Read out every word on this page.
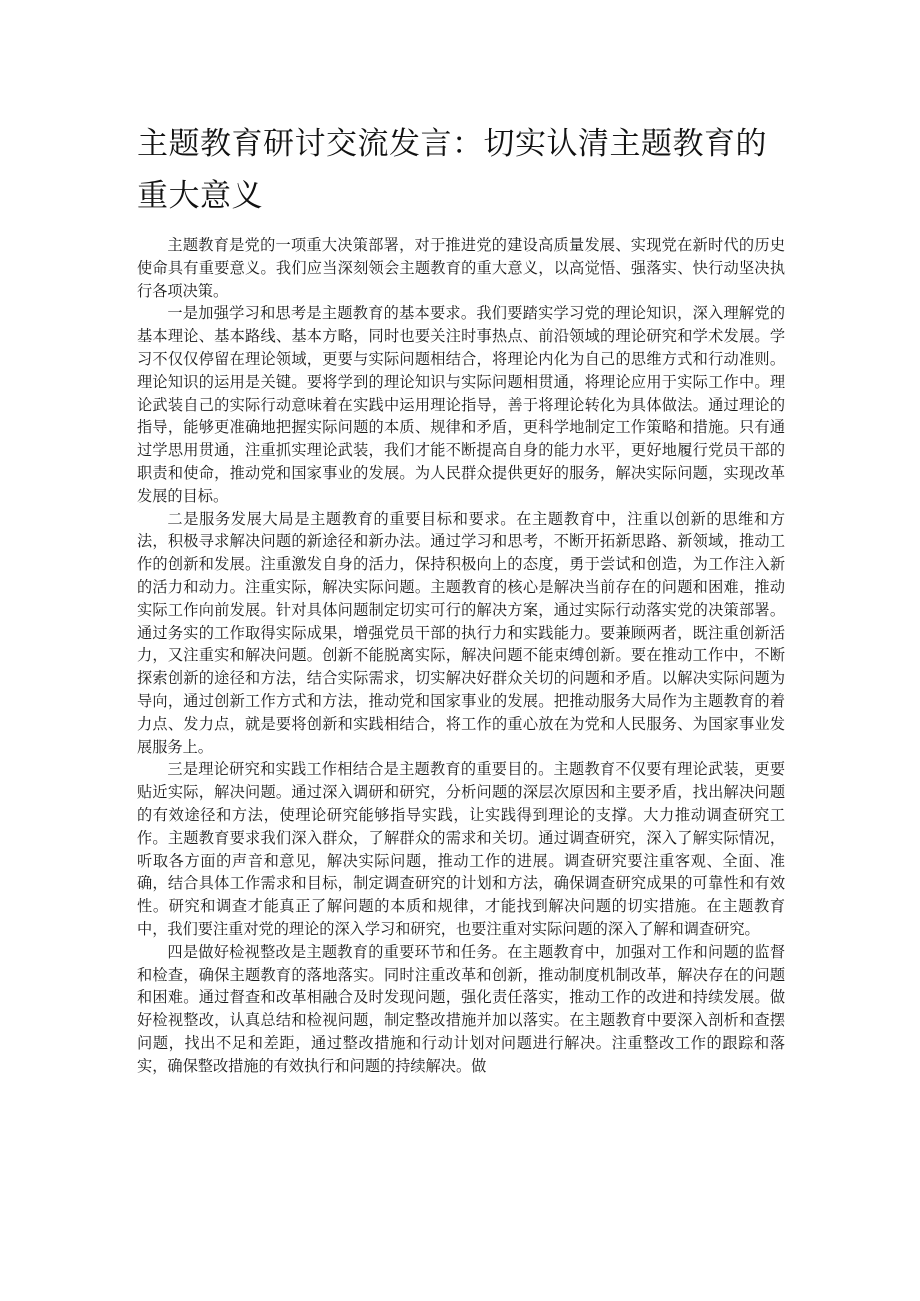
主题教育研讨交流发言：切实认清主题教育的重大意义

主题教育是党的一项重大决策部署，对于推进党的建设高质量发展、实现党在新时代的历史使命具有重要意义。我们应当深刻领会主题教育的重大意义，以高觉悟、强落实、快行动坚决执行各项决策。

一是加强学习和思考是主题教育的基本要求。我们要踏实学习党的理论知识，深入理解党的基本理论、基本路线、基本方略，同时也要关注时事热点、前沿领域的理论研究和学术发展。学习不仅仅停留在理论领域，更要与实际问题相结合，将理论内化为自己的思维方式和行动准则。理论知识的运用是关键。要将学到的理论知识与实际问题相贯通，将理论应用于实际工作中。理论武装自己的实际行动意味着在实践中运用理论指导，善于将理论转化为具体做法。通过理论的指导，能够更准确地把握实际问题的本质、规律和矛盾，更科学地制定工作策略和措施。只有通过学思用贯通，注重抓实理论武装，我们才能不断提高自身的能力水平，更好地履行党员干部的职责和使命，推动党和国家事业的发展。为人民群众提供更好的服务，解决实际问题，实现改革发展的目标。

二是服务发展大局是主题教育的重要目标和要求。在主题教育中，注重以创新的思维和方法，积极寻求解决问题的新途径和新办法。通过学习和思考，不断开拓新思路、新领域，推动工作的创新和发展。注重激发自身的活力，保持积极向上的态度，勇于尝试和创造，为工作注入新的活力和动力。注重实际，解决实际问题。主题教育的核心是解决当前存在的问题和困难，推动实际工作向前发展。针对具体问题制定切实可行的解决方案，通过实际行动落实党的决策部署。通过务实的工作取得实际成果，增强党员干部的执行力和实践能力。要兼顾两者，既注重创新活力，又注重实和解决问题。创新不能脱离实际，解决问题不能束缚创新。要在推动工作中，不断探索创新的途径和方法，结合实际需求，切实解决好群众关切的问题和矛盾。以解决实际问题为导向，通过创新工作方式和方法，推动党和国家事业的发展。把推动服务大局作为主题教育的着力点、发力点，就是要将创新和实践相结合，将工作的重心放在为党和人民服务、为国家事业发展服务上。

三是理论研究和实践工作相结合是主题教育的重要目的。主题教育不仅要有理论武装，更要贴近实际，解决问题。通过深入调研和研究，分析问题的深层次原因和主要矛盾，找出解决问题的有效途径和方法，使理论研究能够指导实践，让实践得到理论的支撑。大力推动调查研究工作。主题教育要求我们深入群众，了解群众的需求和关切。通过调查研究，深入了解实际情况，听取各方面的声音和意见，解决实际问题，推动工作的进展。调查研究要注重客观、全面、准确，结合具体工作需求和目标，制定调查研究的计划和方法，确保调查研究成果的可靠性和有效性。研究和调查才能真正了解问题的本质和规律，才能找到解决问题的切实措施。在主题教育中，我们要注重对党的理论的深入学习和研究，也要注重对实际问题的深入了解和调查研究。

四是做好检视整改是主题教育的重要环节和任务。在主题教育中，加强对工作和问题的监督和检查，确保主题教育的落地落实。同时注重改革和创新，推动制度机制改革，解决存在的问题和困难。通过督查和改革相融合及时发现问题，强化责任落实，推动工作的改进和持续发展。做好检视整改，认真总结和检视问题，制定整改措施并加以落实。在主题教育中要深入剖析和查摆问题，找出不足和差距，通过整改措施和行动计划对问题进行解决。注重整改工作的跟踪和落实，确保整改措施的有效执行和问题的持续解决。做
